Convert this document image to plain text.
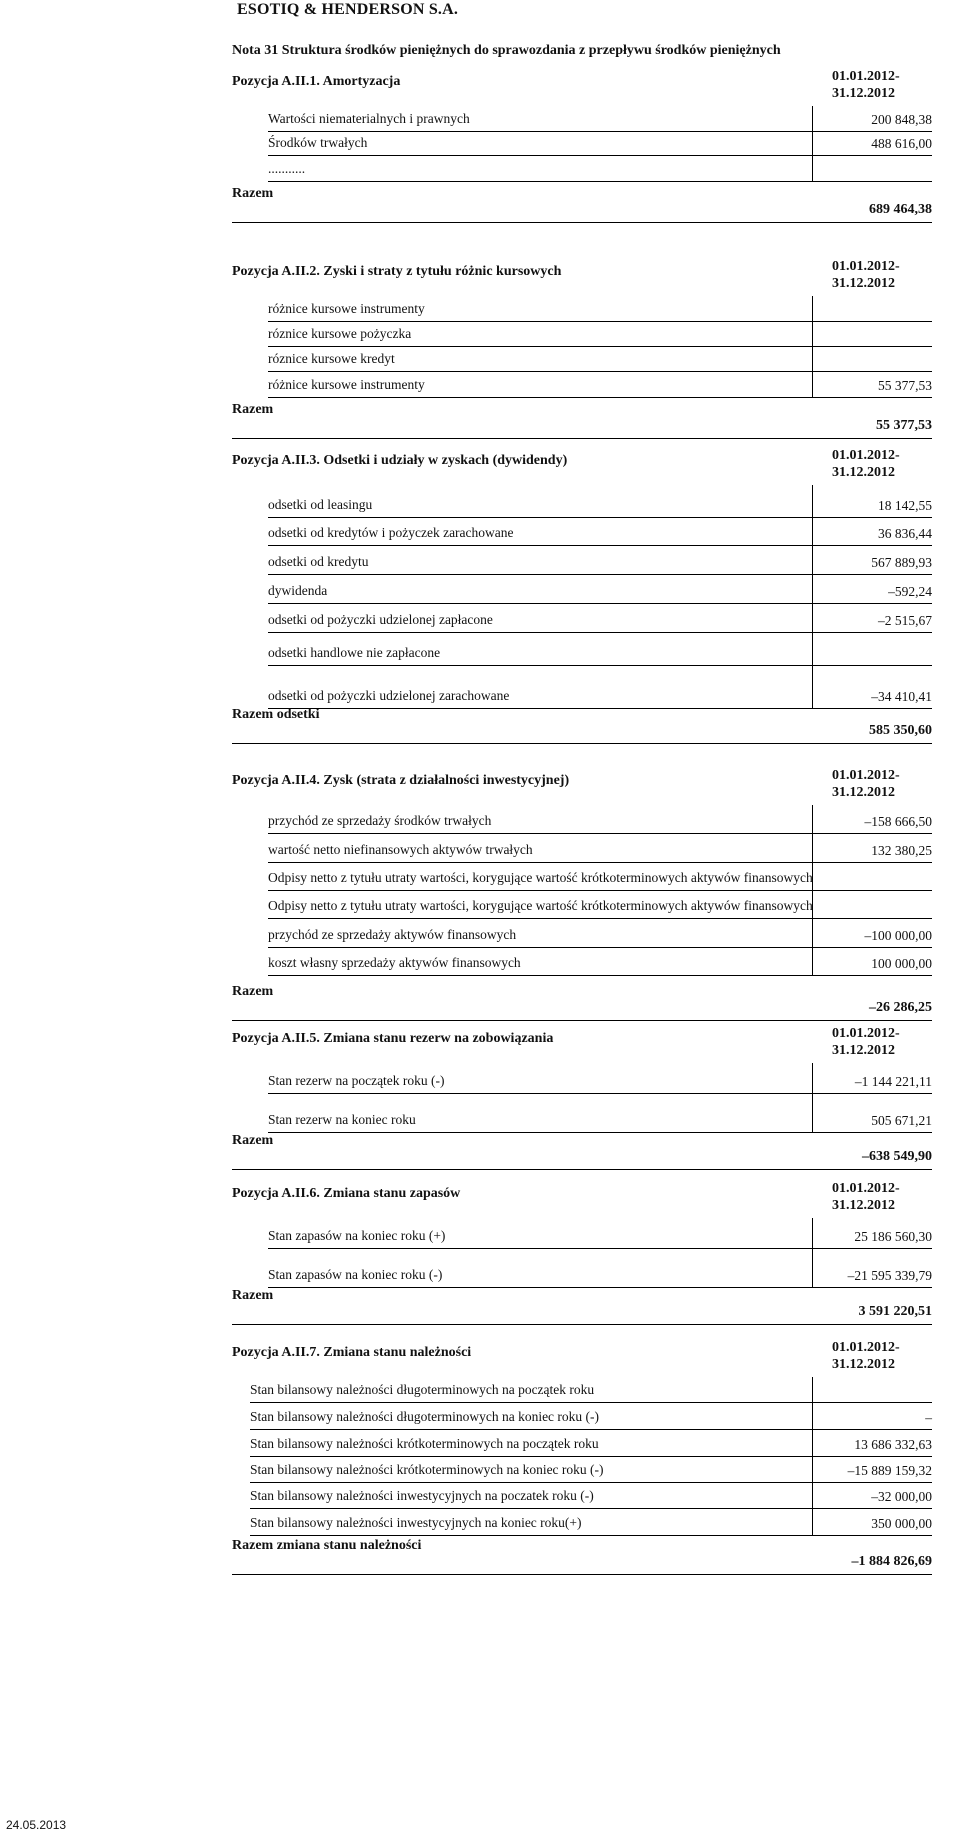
ESOTIQ & HENDERSON S.A.
Nota 31 Struktura środków pieniężnych do sprawozdania z przepływu środków pieniężnych
Pozycja A.II.1. Amortyzacja	01.01.2012-
31.12.2012
Wartości niematerialnych i prawnych	200 848,38
Środków trwałych	488 616,00
...........
Razem
689 464,38
Pozycja A.II.2. Zyski i straty z tytułu różnic kursowych	01.01.2012-
31.12.2012
różnice kursowe instrumenty
róznice kursowe pożyczka
róznice kursowe kredyt
różnice kursowe instrumenty	55 377,53
Razem
55 377,53
Pozycja A.II.3. Odsetki i udziały w zyskach (dywidendy)	01.01.2012-
31.12.2012
odsetki od leasingu	18 142,55
odsetki od kredytów i pożyczek zarachowane	36 836,44
odsetki od kredytu	567 889,93
dywidenda	–592,24
odsetki od pożyczki udzielonej zapłacone	–2 515,67
odsetki handlowe nie zapłacone
odsetki od pożyczki udzielonej zarachowane	–34 410,41
Razem odsetki
585 350,60
Pozycja A.II.4. Zysk (strata z działalności inwestycyjnej)	01.01.2012-
31.12.2012
przychód ze sprzedaży środków trwałych	–158 666,50
wartość netto niefinansowych aktywów trwałych	132 380,25
Odpisy netto z tytułu utraty wartości, korygujące wartość krótkoterminowych aktywów finansowych
Odpisy netto z tytułu utraty wartości, korygujące wartość krótkoterminowych aktywów finansowych
przychód ze sprzedaży aktywów finansowych	–100 000,00
koszt własny sprzedaży aktywów finansowych	100 000,00
Razem
–26 286,25
Pozycja A.II.5. Zmiana stanu rezerw na zobowiązania	01.01.2012-
31.12.2012
Stan rezerw na początek roku (-)	–1 144 221,11
Stan rezerw na koniec roku	505 671,21
Razem
–638 549,90
Pozycja A.II.6. Zmiana stanu zapasów	01.01.2012-
31.12.2012
Stan zapasów na koniec roku (+)	25 186 560,30
Stan zapasów na koniec roku (-)	–21 595 339,79
Razem
3 591 220,51
Pozycja A.II.7. Zmiana stanu należności	01.01.2012-
31.12.2012
Stan bilansowy należności długoterminowych na początek roku
Stan bilansowy należności długoterminowych na koniec roku (-)	–
Stan bilansowy należności krótkoterminowych na początek roku	13 686 332,63
Stan bilansowy należności krótkoterminowych na koniec roku (-)	–15 889 159,32
Stan bilansowy należności inwestycyjnych na poczatek roku (-)	–32 000,00
Stan bilansowy należności inwestycyjnych na koniec roku(+)	350 000,00
Razem zmiana stanu należności
–1 884 826,69
24.05.2013
